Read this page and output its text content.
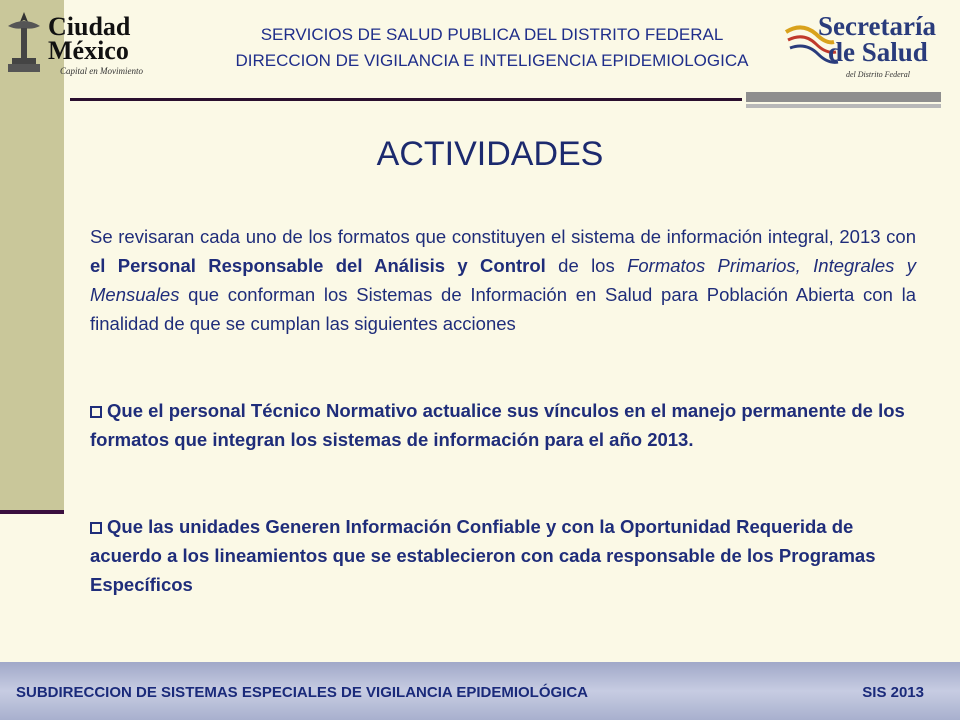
Ciudad
México
Capital en Movimiento
SERVICIOS DE SALUD PUBLICA DEL DISTRITO FEDERAL
DIRECCION DE VIGILANCIA E INTELIGENCIA EPIDEMIOLOGICA
Secretaría
de Salud
del Distrito Federal
ACTIVIDADES
Se revisaran cada uno de los formatos que constituyen el sistema de información integral, 2013 con el Personal Responsable del Análisis y Control de los Formatos Primarios, Integrales y Mensuales que conforman los Sistemas de Información en Salud para Población Abierta con la finalidad de que se cumplan las siguientes acciones
Que el personal Técnico Normativo actualice sus vínculos en el manejo permanente de los formatos que integran los sistemas de información para el año 2013.
Que las unidades Generen Información Confiable y con la Oportunidad Requerida de acuerdo a los lineamientos que se establecieron con cada responsable de los Programas Específicos
SUBDIRECCION DE SISTEMAS ESPECIALES DE VIGILANCIA EPIDEMIOLÓGICA	SIS 2013
